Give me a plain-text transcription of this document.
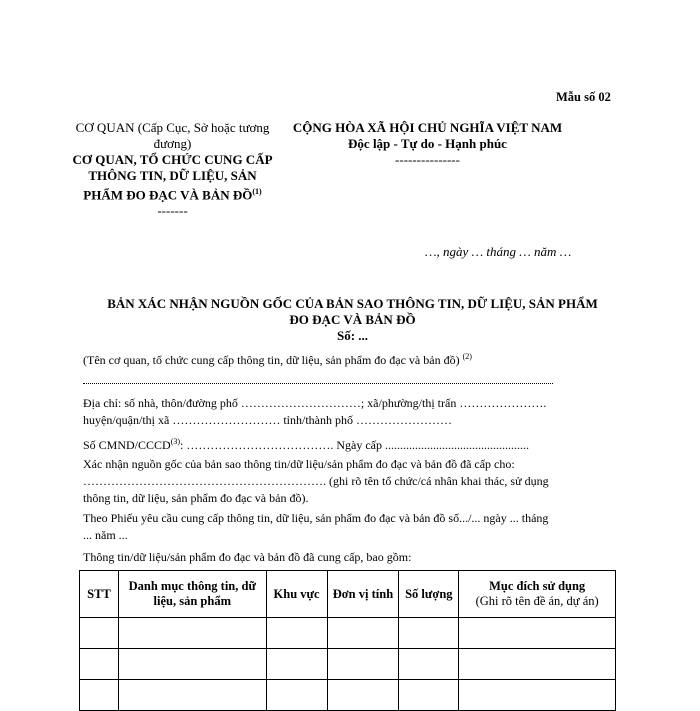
Mẫu số 02
CƠ QUAN (Cấp Cục, Sở hoặc tương đương)
CƠ QUAN, TỔ CHỨC CUNG CẤP THÔNG TIN, DỮ LIỆU, SẢN PHẨM ĐO ĐẠC VÀ BẢN ĐỒ$^{(1)}$
-------
CỘNG HÒA XÃ HỘI CHỦ NGHĨA VIỆT NAM
Độc lập - Tự do - Hạnh phúc
---------------
…, ngày … tháng … năm …
BẢN XÁC NHẬN NGUỒN GỐC CỦA BẢN SAO THÔNG TIN, DỮ LIỆU, SẢN PHẨM
ĐO ĐẠC VÀ BẢN ĐỒ
Số: ...
(Tên cơ quan, tổ chức cung cấp thông tin, dữ liệu, sản phẩm đo đạc và bản đồ) $^{(2)}$
Địa chỉ: số nhà, thôn/đường phố …………………………; xã/phường/thị trấn ………………….
huyện/quận/thị xã ……………………… tỉnh/thành phố ……………………
Số CMND/CCCD$^{(3)}$: ………………………………. Ngày cấp ................................................
Xác nhận nguồn gốc của bản sao thông tin/dữ liệu/sản phẩm đo đạc và bản đồ đã cấp cho:
……………………………………………………. (ghi rõ tên tổ chức/cá nhân khai thác, sử dụng
thông tin, dữ liệu, sản phẩm đo đạc và bản đồ).
Theo Phiếu yêu cầu cung cấp thông tin, dữ liệu, sản phẩm đo đạc và bản đồ số.../... ngày ... tháng
... năm ...
Thông tin/dữ liệu/sản phẩm đo đạc và bản đồ đã cung cấp, bao gồm:
STT	Danh mục thông tin, dữ liệu, sản phẩm	Khu vực	Đơn vị tính	Số lượng	Mục đích sử dụng
(Ghi rõ tên đề án, dự án)
